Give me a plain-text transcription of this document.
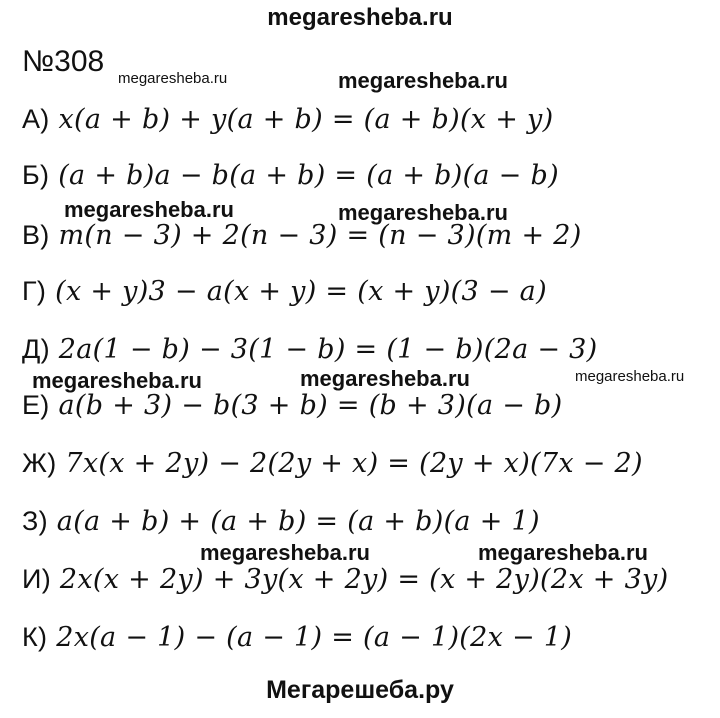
megaresheba.ru
№308
megaresheba.ru	megaresheba.ru
А) x(a + b) + y(a + b) = (a + b)(x + y)
Б) (a + b)a − b(a + b) = (a + b)(a − b)
megaresheba.ru	megaresheba.ru
В) m(n − 3) + 2(n − 3) = (n − 3)(m + 2)
Г) (x + y)3 − a(x + y) = (x + y)(3 − a)
Д) 2a(1 − b) − 3(1 − b) = (1 − b)(2a − 3)
megaresheba.ru	megaresheba.ru	megaresheba.ru
Е) a(b + 3) − b(3 + b) = (b + 3)(a − b)
Ж) 7x(x + 2y) − 2(2y + x) = (2y + x)(7x − 2)
З) a(a + b) + (a + b) = (a + b)(a + 1)
megaresheba.ru	megaresheba.ru
И) 2x(x + 2y) + 3y(x + 2y) = (x + 2y)(2x + 3y)
К) 2x(a − 1) − (a − 1) = (a − 1)(2x − 1)
Мегарешеба.ру
